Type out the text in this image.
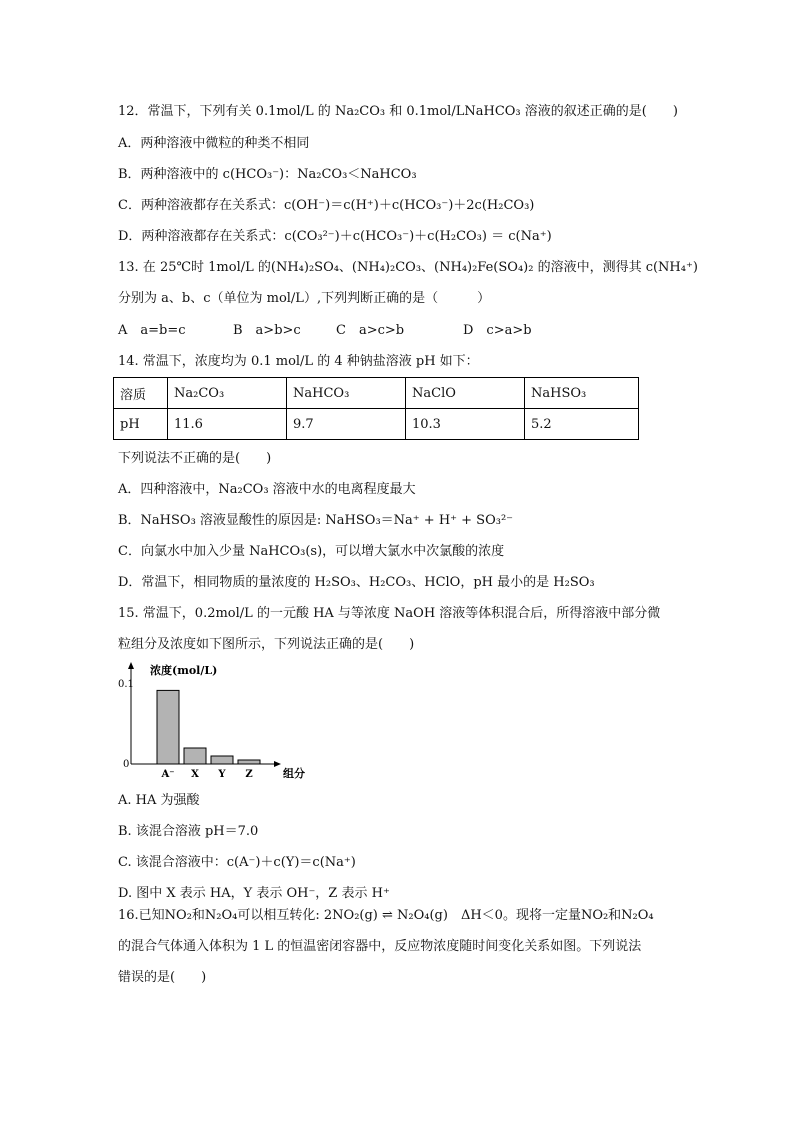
12．常温下，下列有关 0.1mol/L 的 Na₂CO₃ 和 0.1mol/LNaHCO₃ 溶液的叙述正确的是(　　)
A．两种溶液中微粒的种类不相同
B．两种溶液中的 c(HCO₃⁻)：Na₂CO₃＜NaHCO₃
C．两种溶液都存在关系式：c(OH⁻)＝c(H⁺)＋c(HCO₃⁻)＋2c(H₂CO₃)
D．两种溶液都存在关系式：c(CO₃²⁻)＋c(HCO₃⁻)＋c(H₂CO₃) ＝ c(Na⁺)
13. 在 25℃时 1mol/L 的(NH₄)₂SO₄、(NH₄)₂CO₃、(NH₄)₂Fe(SO₄)₂ 的溶液中，测得其 c(NH₄⁺)
分别为 a、b、c（单位为 mol/L）,下列判断正确的是（　　　）
A　a=b=c	B　a>b>c	C　a>c>b	D　c>a>b
14. 常温下，浓度均为 0.1 mol/L 的 4 种钠盐溶液 pH 如下：
溶质	Na₂CO₃	NaHCO₃	NaClO	NaHSO₃
pH	11.6	9.7	10.3	5.2
下列说法不正确的是(　　)
A．四种溶液中，Na₂CO₃ 溶液中水的电离程度最大
B．NaHSO₃ 溶液显酸性的原因是: NaHSO₃＝Na⁺ + H⁺ + SO₃²⁻
C．向氯水中加入少量 NaHCO₃(s)，可以增大氯水中次氯酸的浓度
D．常温下，相同物质的量浓度的 H₂SO₃、H₂CO₃、HClO，pH 最小的是 H₂SO₃
15. 常温下，0.2mol/L 的一元酸 HA 与等浓度 NaOH 溶液等体积混合后，所得溶液中部分微
粒组分及浓度如下图所示，下列说法正确的是(　　)
浓度(mol/L)
0.1
0
组分
A⁻ X Y Z
A. HA 为强酸
B. 该混合溶液 pH＝7.0
C. 该混合溶液中：c(A⁻)＋c(Y)＝c(Na⁺)
D. 图中 X 表示 HA，Y 表示 OH⁻，Z 表示 H⁺
16.已知NO₂和N₂O₄可以相互转化: 2NO₂(g) ⇌ N₂O₄(g)　ΔH＜0。现将一定量NO₂和N₂O₄
的混合气体通入体积为 1 L 的恒温密闭容器中，反应物浓度随时间变化关系如图。下列说法
错误的是(　　)
